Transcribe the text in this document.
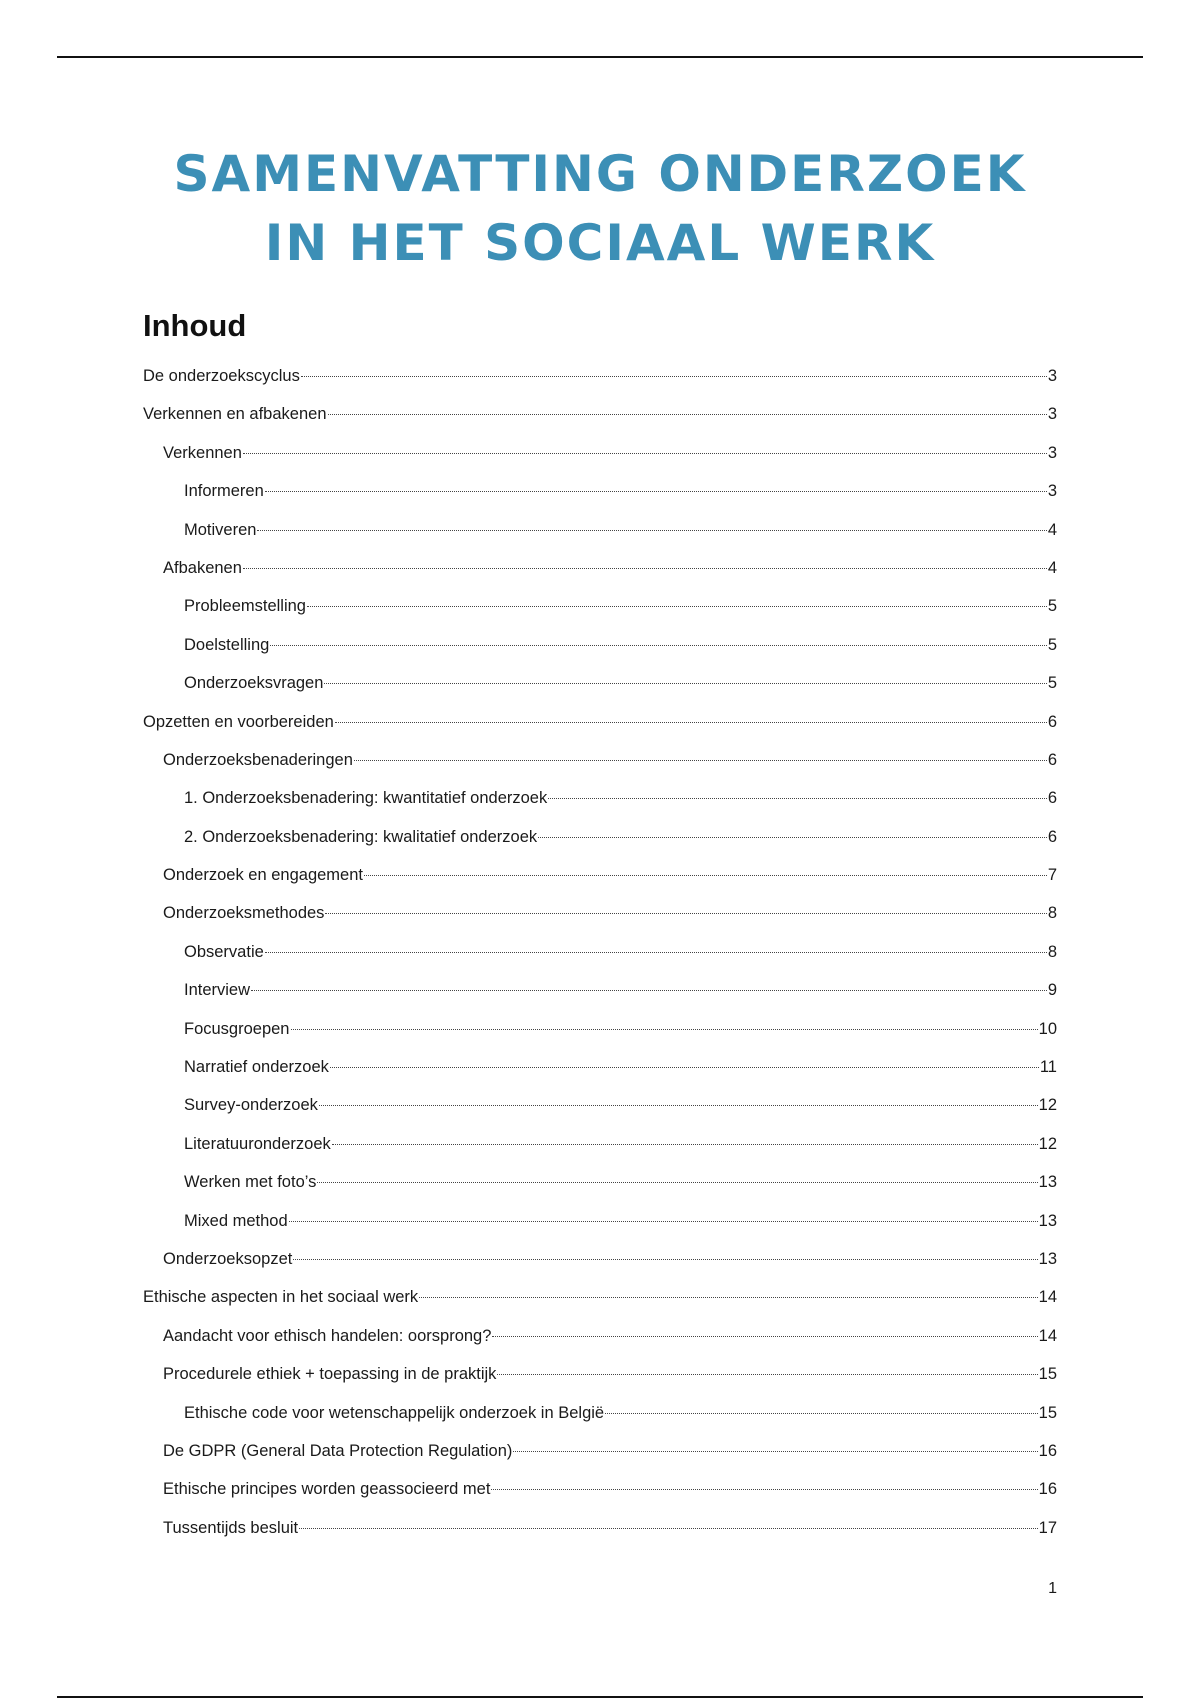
SAMENVATTING ONDERZOEK
IN HET SOCIAAL WERK
Inhoud
De onderzoekscyclus	3
Verkennen en afbakenen	3
Verkennen	3
Informeren	3
Motiveren	4
Afbakenen	4
Probleemstelling	5
Doelstelling	5
Onderzoeksvragen	5
Opzetten en voorbereiden	6
Onderzoeksbenaderingen	6
1. Onderzoeksbenadering: kwantitatief onderzoek	6
2. Onderzoeksbenadering: kwalitatief onderzoek	6
Onderzoek en engagement	7
Onderzoeksmethodes	8
Observatie	8
Interview	9
Focusgroepen	10
Narratief onderzoek	11
Survey-onderzoek	12
Literatuuronderzoek	12
Werken met foto’s	13
Mixed method	13
Onderzoeksopzet	13
Ethische aspecten in het sociaal werk	14
Aandacht voor ethisch handelen: oorsprong?	14
Procedurele ethiek + toepassing in de praktijk	15
Ethische code voor wetenschappelijk onderzoek in België	15
De GDPR (General Data Protection Regulation)	16
Ethische principes worden geassocieerd met	16
Tussentijds besluit	17
1
